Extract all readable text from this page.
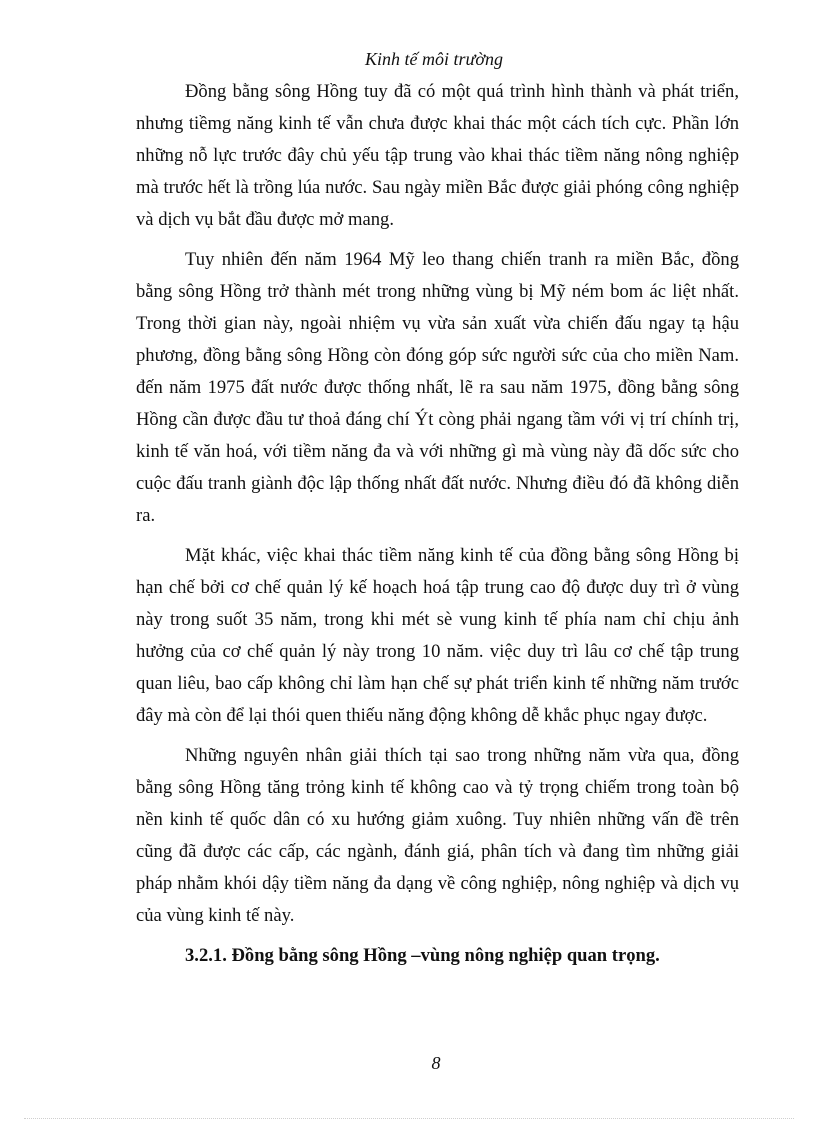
Kinh tế môi trường

Đồng bằng sông Hồng tuy đã có một quá trình hình thành và phát triển, nhưng tiềmg năng kinh tế vẫn chưa được khai thác một cách tích cực. Phần lớn những nỗ lực trước đây chủ yếu tập trung vào khai thác tiềm năng nông nghiệp mà trước hết là trồng lúa nước. Sau ngày miền Bắc được giải phóng công nghiệp và dịch vụ bắt đầu được mở mang.

Tuy nhiên đến năm 1964 Mỹ leo thang chiến tranh ra miền Bắc, đồng bằng sông Hồng trở thành mét trong những vùng bị Mỹ ném bom ác liệt nhất. Trong thời gian này, ngoài nhiệm vụ vừa sản xuất vừa chiến đấu ngay tạ hậu phương, đồng bằng sông Hồng còn đóng góp sức người sức của cho miền Nam. đến năm 1975 đất nước được thống nhất, lẽ ra sau năm 1975, đồng bằng sông Hồng cần được đầu tư thoả đáng chí Ýt còng phải ngang tầm với vị trí chính trị, kinh tế văn hoá, với tiềm năng đa và với những gì mà vùng này đã dốc sức cho cuộc đấu tranh giành độc lập thống nhất đất nước. Nhưng điều đó đã không diễn ra.

Mặt khác, việc khai thác tiềm năng kinh tế của đồng bằng sông Hồng bị hạn chế bởi cơ chế quản lý kế hoạch hoá tập trung cao độ được duy trì ở vùng này trong suốt 35 năm, trong khi mét sè vung kinh tế phía nam chỉ chịu ảnh hưởng của cơ chế quản lý này trong 10 năm. việc duy trì lâu cơ chế tập trung quan liêu, bao cấp không chỉ làm hạn chế sự phát triển kinh tế những năm trước đây mà còn để lại thói quen thiếu năng động không dễ khắc phục ngay được.

Những nguyên nhân giải thích tại sao trong những năm vừa qua, đồng bằng sông Hồng tăng trỏng kinh tế không cao và tỷ trọng chiếm trong toàn bộ nền kinh tế quốc dân có xu hướng giảm xuông. Tuy nhiên những vấn đề trên cũng đã được các cấp, các ngành, đánh giá, phân tích và đang tìm những giải pháp nhằm khói dậy tiềm năng đa dạng về công nghiệp, nông nghiệp và dịch vụ của vùng kinh tế này.

3.2.1. Đồng bằng sông Hồng –vùng nông nghiệp quan trọng.

8
